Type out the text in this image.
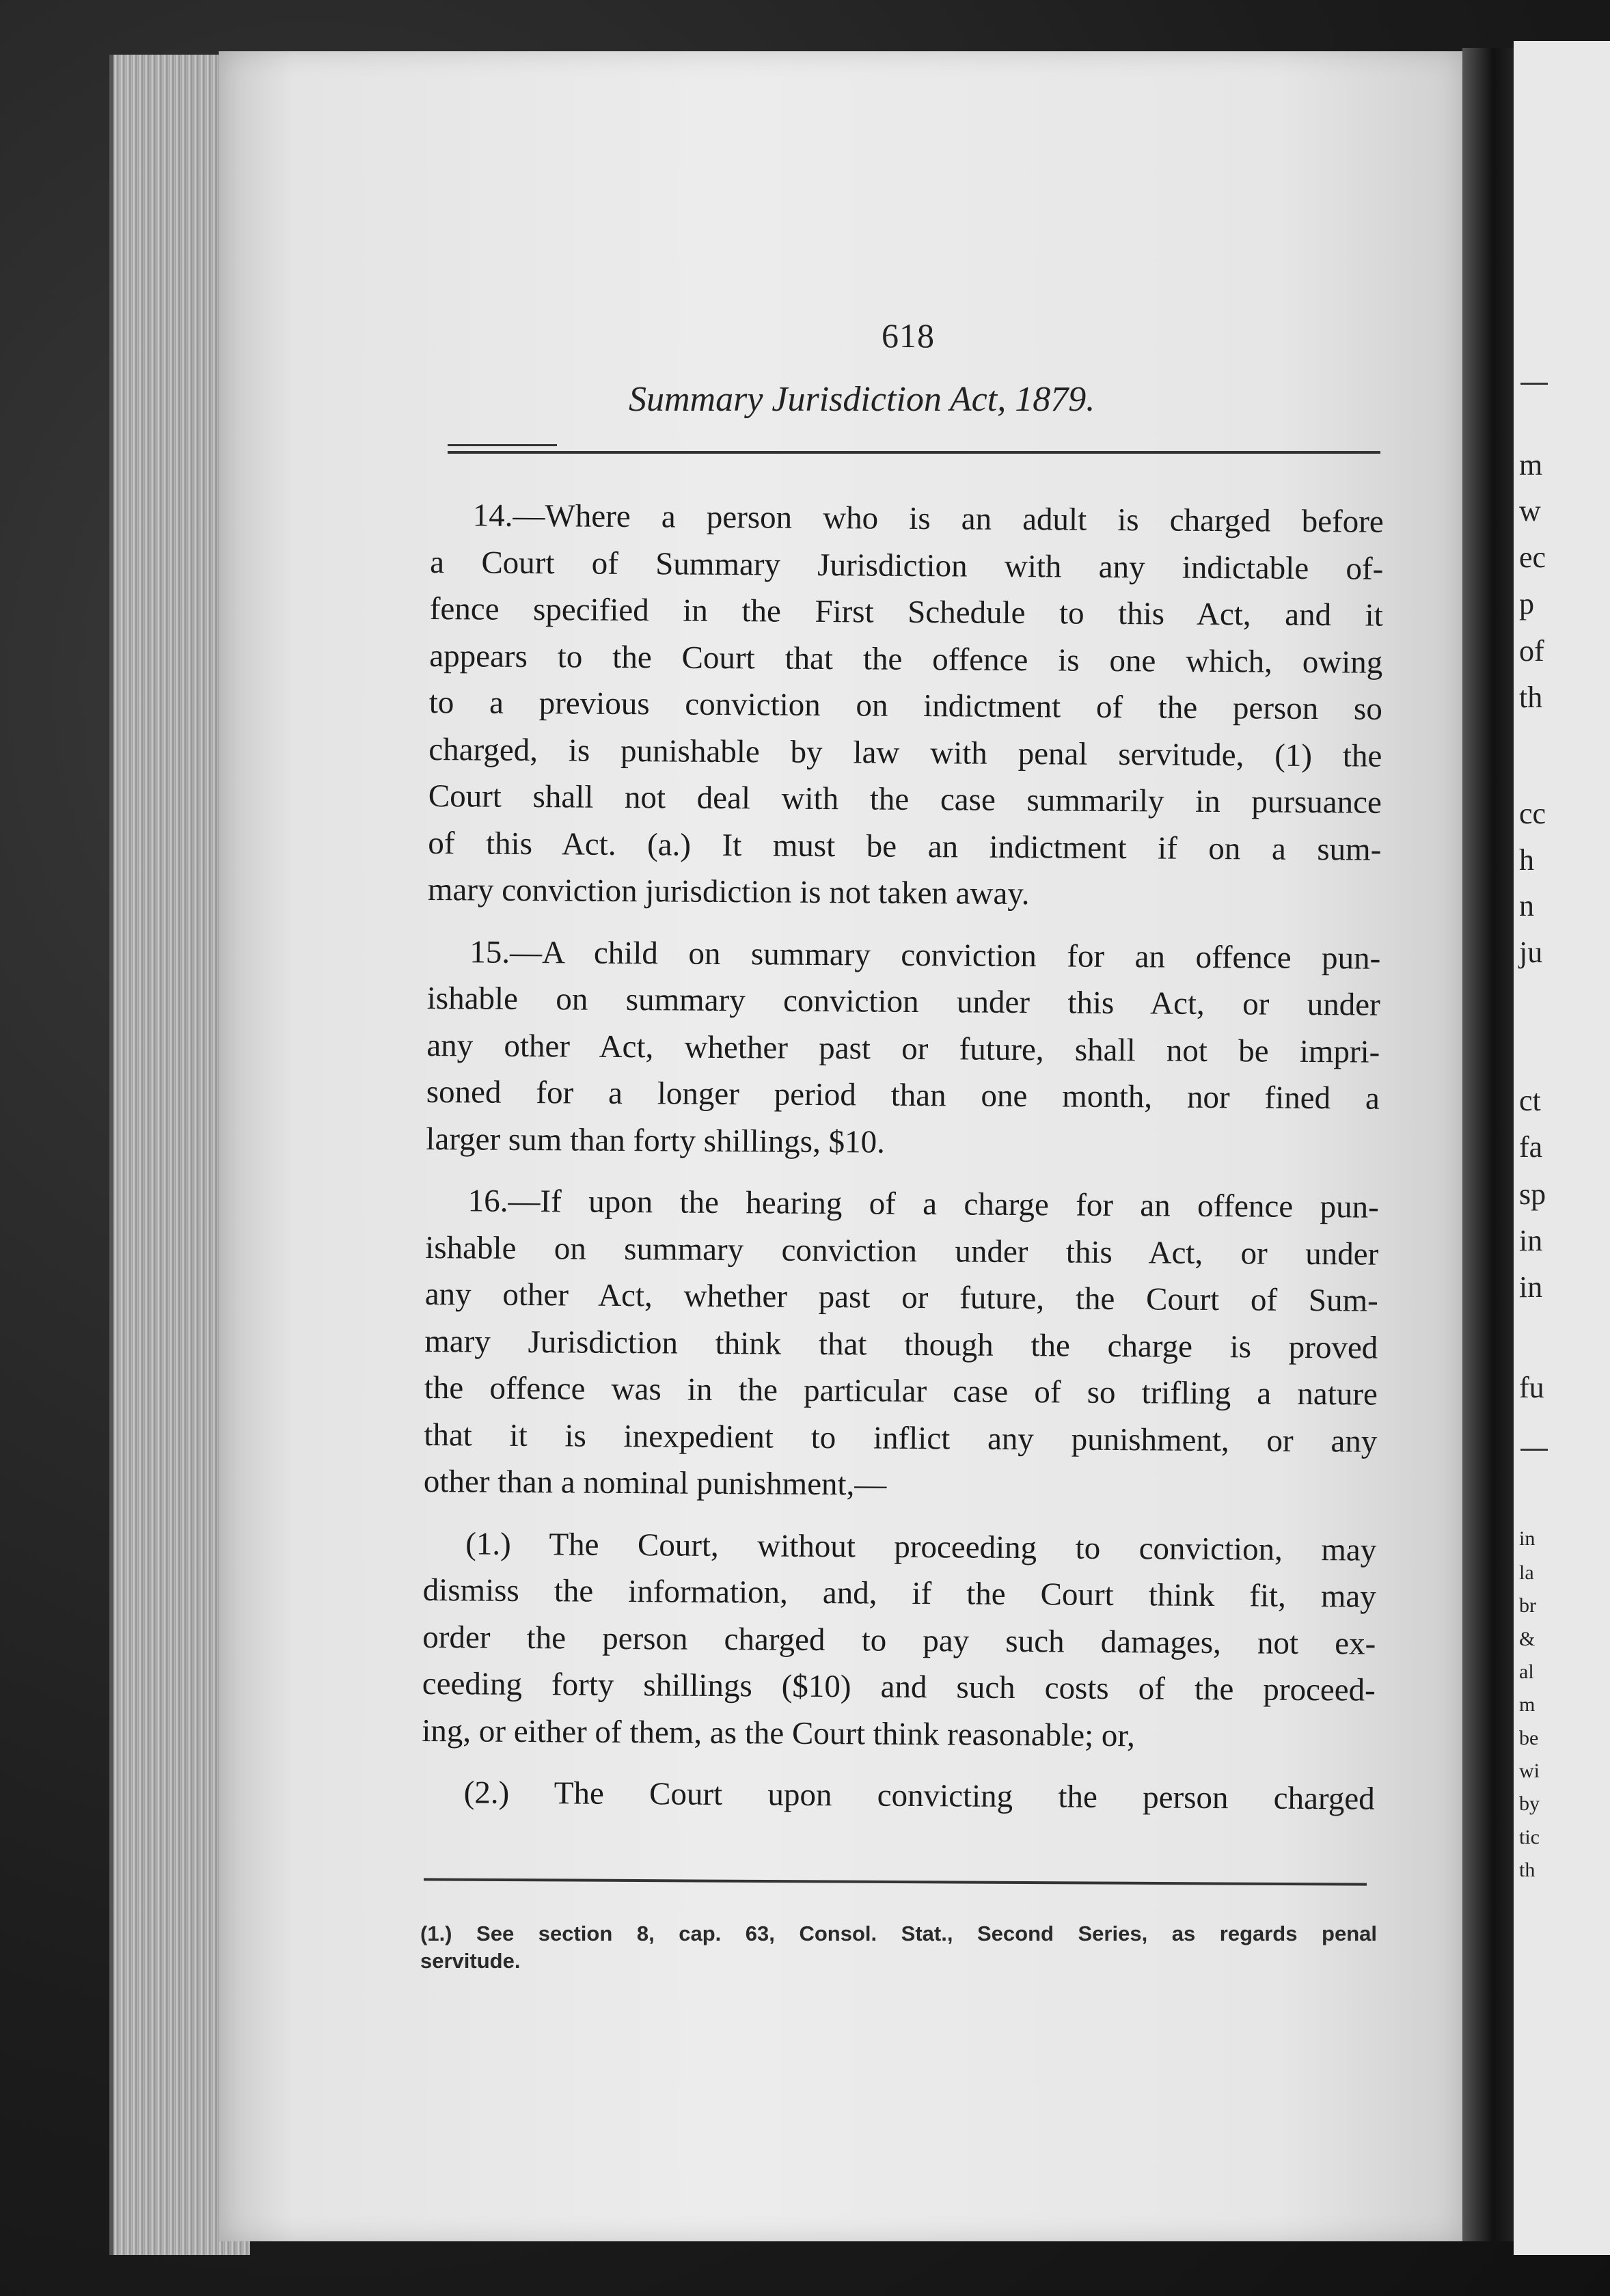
618
Summary Jurisdiction Act, 1879.
14.—Where a person who is an adult is charged before
a Court of Summary Jurisdiction with any indictable of-
fence specified in the First Schedule to this Act, and it
appears to the Court that the offence is one which, owing
to a previous conviction on indictment of the person so
charged, is punishable by law with penal servitude, (1) the
Court shall not deal with the case summarily in pursuance
of this Act. (a.) It must be an indictment if on a sum-
mary conviction jurisdiction is not taken away.
15.—A child on summary conviction for an offence pun-
ishable on summary conviction under this Act, or under
any other Act, whether past or future, shall not be impri-
soned for a longer period than one month, nor fined a
larger sum than forty shillings, $10.
16.—If upon the hearing of a charge for an offence pun-
ishable on summary conviction under this Act, or under
any other Act, whether past or future, the Court of Sum-
mary Jurisdiction think that though the charge is proved
the offence was in the particular case of so trifling a nature
that it is inexpedient to inflict any punishment, or any
other than a nominal punishment,—
(1.) The Court, without proceeding to conviction, may
dismiss the information, and, if the Court think fit, may
order the person charged to pay such damages, not ex-
ceeding forty shillings ($10) and such costs of the proceed-
ing, or either of them, as the Court think reasonable; or,
(2.) The Court upon convicting the person charged
(1.) See section 8, cap. 63, Consol. Stat., Second Series, as regards penal
servitude.
m
w
ec
p
of
th
cc
h
n
ju
ct
fa
sp
in
in
fu
in
la
br
&
al
m
be
wi
by
tic
th
